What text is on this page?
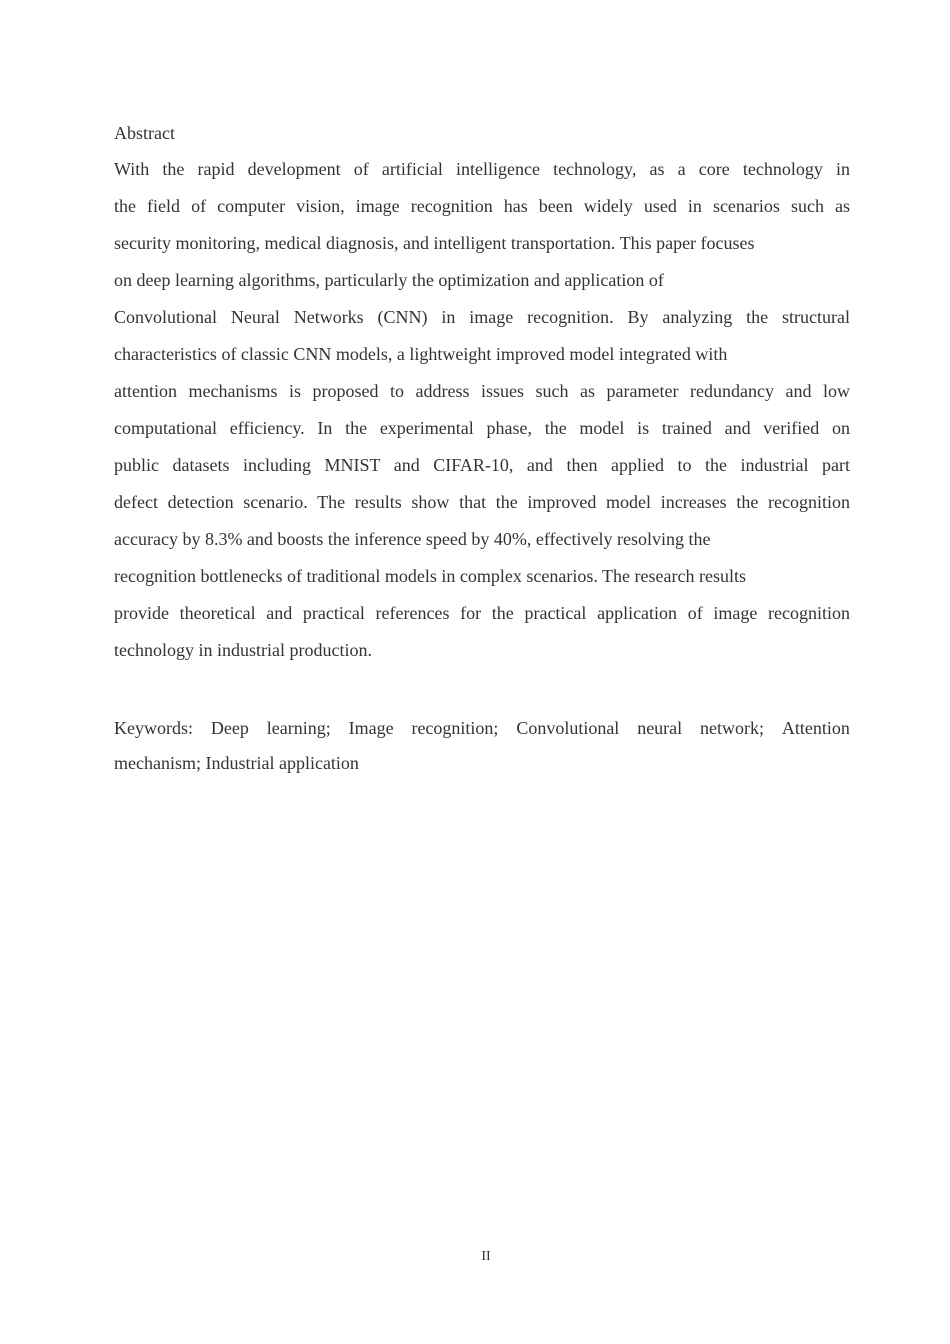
Abstract
With the rapid development of artificial intelligence technology, as a core technology in
the field of computer vision, image recognition has been widely used in scenarios such as
security monitoring, medical diagnosis, and intelligent transportation. This paper focuses
on deep learning algorithms, particularly the optimization and application of
Convolutional Neural Networks (CNN) in image recognition. By analyzing the structural
characteristics of classic CNN models, a lightweight improved model integrated with
attention mechanisms is proposed to address issues such as parameter redundancy and low
computational efficiency. In the experimental phase, the model is trained and verified on
public datasets including MNIST and CIFAR-10, and then applied to the industrial part
defect detection scenario. The results show that the improved model increases the recognition
accuracy by 8.3% and boosts the inference speed by 40%, effectively resolving the
recognition bottlenecks of traditional models in complex scenarios. The research results
provide theoretical and practical references for the practical application of image recognition
technology in industrial production.
Keywords: Deep learning; Image recognition; Convolutional neural network; Attention
mechanism; Industrial application
II
